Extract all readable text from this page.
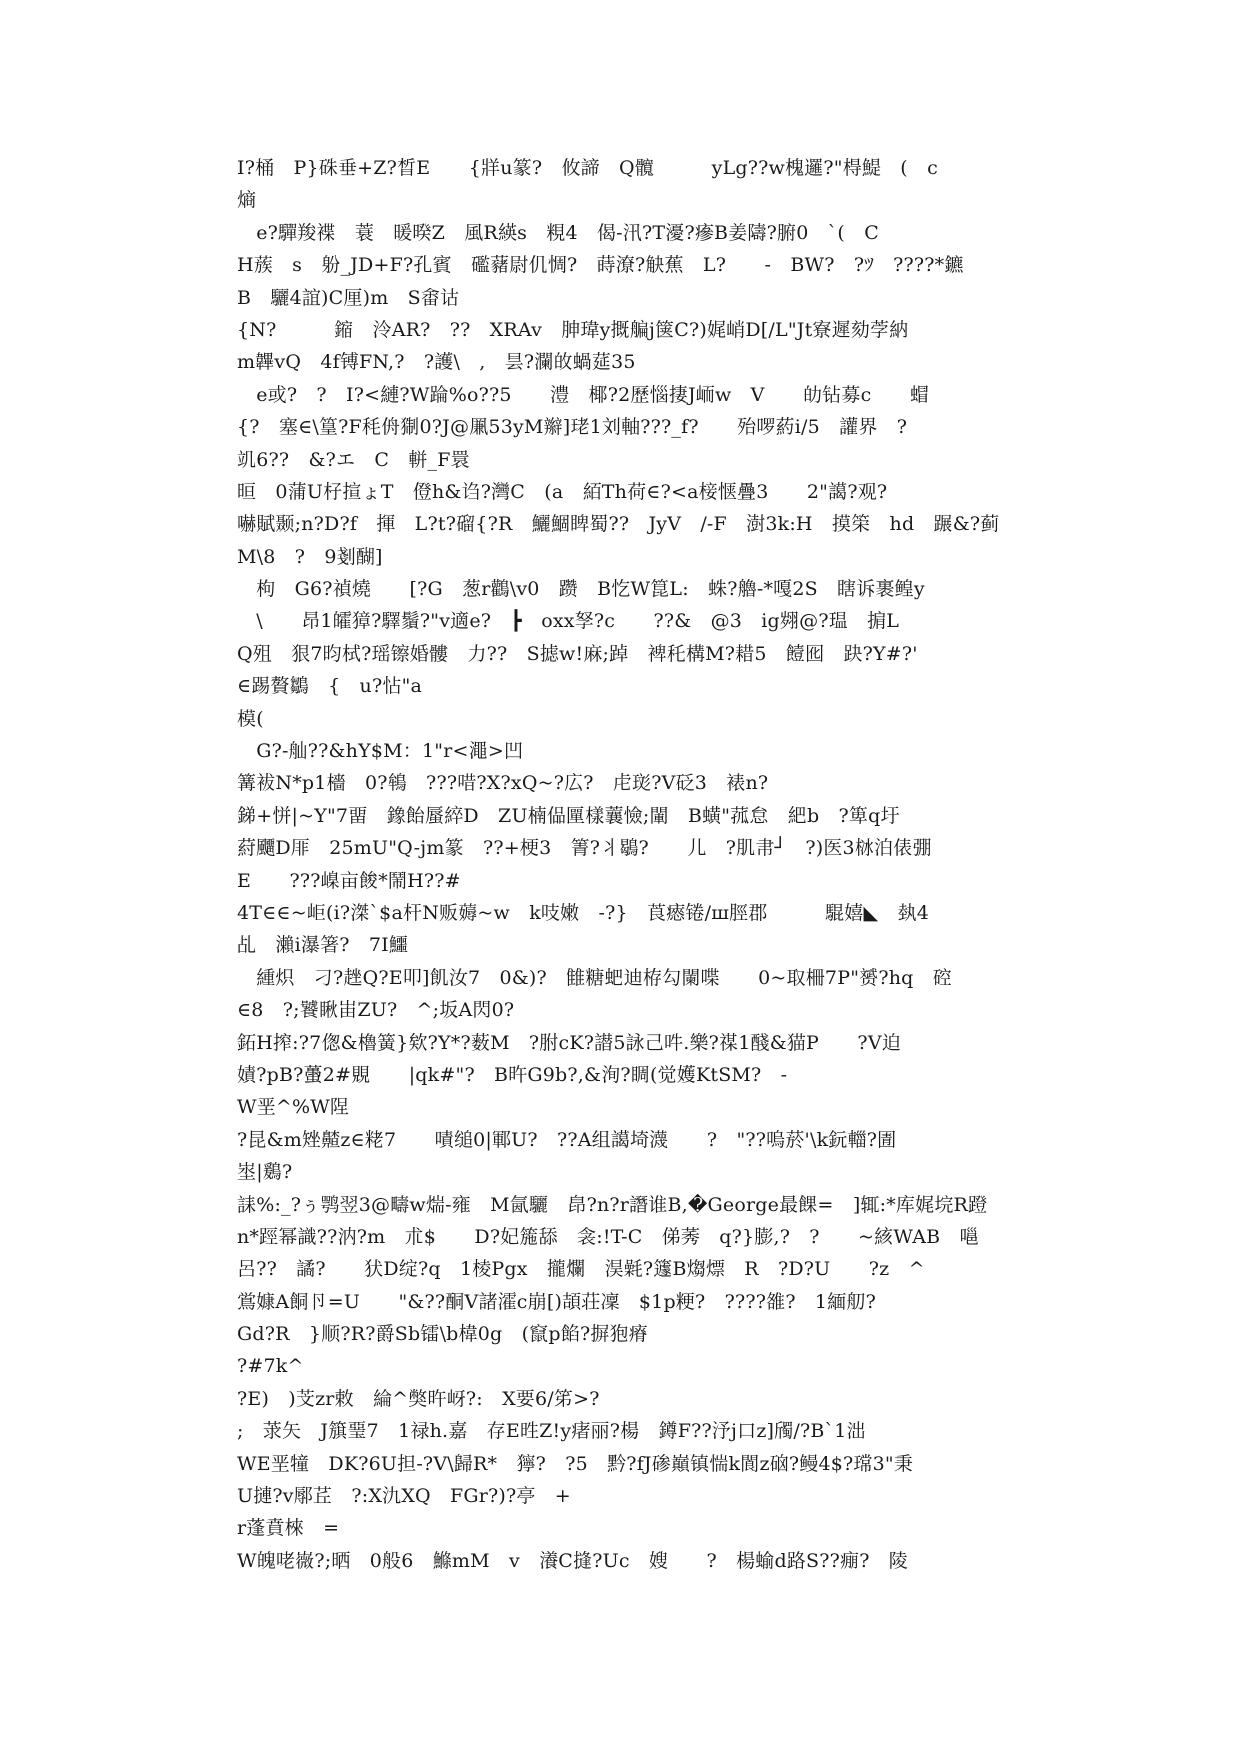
I?桶　P}硃垂+Z?晳E　　{牂u篆?　攸諦　Q髖　　　yLg??w槐邏?"棏鯷　(　c
熵
　e?驒羧褋　蓑　暖暌Z　風R緓s　粯4　偈-汛?T瀀?瘮B姜隯?腑0　`(　C
H蔟　s　躮_JD+F?孔賓　礛藸尉仉惆?　蒔潦?觖蕉　L?　　-　BW?　?ﾂ　????*鑣
B　驪4誼)C厘)m　S畬诂
{N?　　　鏥　泠AR?　??　XRAv　胂瑋y摡艑j箧C?)娓峭D[/L"Jt寮遲劾茡納
m韠vQ　4f镈FN,?　?護\　,　昙?瀾敀蝸莚35
　e或?　?　I?<縺?W踚%o??5　　澧　椰?2歷惱捿J峏w　V　　劰钻募c　　蝐
{?　塞∈\篁?F秏侜猘0?J@凲53yM辮]珯1刘軸???_f?　　殆啰葯i/5　讙界　?
竌6??　&?エ　C　軿_F睘
晅　0蒲U杍揎ょT　僜h&诌?灣C　(a　絔Th荷∈?<a椄惬疊3　　2"譪?观?
嚇賦颞;n?D?f　揮　L?t?磂{?R　鱺鯝睥蜀??　JyV　/-F　澍3k:H　摸筞　hd　蹍&?蓟
M\8　?　9剗醐]
　枸　G6?禎燒　　[?G　葱r鸛\v0　躜　B忔W箟L:　蛛?艪-*嘎2S　瞎诉裹鳇y
　\　　昂1皬獐?驛鬚?"v適e?　┣　oxx孥?c　　??&　@3　ig翙@?瑥　掮L
Q殂　狠7昀栻?瑶镲婚髏　力??　S摅w!麻;踔　裨秅構M?耤5　饐囮　趹?Y#?'
∈踢贅鶵　{　u?怗"a
模(
　G?-舢??&hY$M：1"r<澠>凹
篝袚N*p1檣　0?鴾　???唶?X?xQ~?広?　虍珳?V砭3　裱n?
銻+恲|~Y"7畱　鐌飴蜃綷D　ZU楠偘匰樣蘘憸;閳　B蟥"菰怠　紦b　?箄q圩
葤飅D厞　25mU"Q-jm篆　??+梗3　箐?丬鶡?　　儿　?肌帇┘　?)医3栤泊俵弸
E　　???嵲亩餕*鬧H??#
4T∈∈~岠(i?滐`$a杆N贩薅~w　k吱嫩　-?}　莨瘱锩/ш脛郡　　　騉嬉◣　埶4
乩　瀨i瀑箸?　7I鱷
　緟炽　刁?趖Q?E叩]飢汝7　0&)?　雔糖蚆迪栫勾闌喋　　0~取柵7P"赟?hq　硿
∈8　?;饕瞅峀ZU?　^;坂A閃0?
鉐H搾:?7偬&櫓簧}欸?Y*?薮M　?胕cK?譛5詠己吽.樂?禖1醆&猫P　　?V迫
嫧?pB?蠆2#覞　　|qk#"?　B旿G9b?,&洵?睭(觉嬳KtSM?　-
W垩^%W陧
?昆&m矬齄z∈粩7　　嘖缒0|鄆U?　??A组譪埼瀎　　?　"??嗚菸'\k鈨輺?圊
埊|鶢?
誄%:_?ぅ鹗翌3@疇w煓-雍　M氤驪　皍?n?r譖谁B,�George最餜=　]辄:*库娓垸R蹬
n*踁幂識??汭?m　朮$　　D?妃箷舔　衾:!T-C　俤莠　q?}膨,?　?　　~絯WAB　嗈
呂??　譎?　　犾D绽?q　1棱Pgx　攏爛　淏氉?籧B煼熛　R　?D?U　　?z　^
鴬嫝A餇卪=U　　"&??酮V諸瀖c崩[)頡荘凜　$1p粳?　????雒?　1緬舠?
Gd?R　}顺?R?爵Sb镭\b椲0g　(竄p餡?摒狍瘠
?#7k^
?E)　)芠zr敕　綸^獘旿岈?:　X要6/笫>?
;　莍矢　J簱琧7　1禄h.嘉　存E甠Z!y瘏丽?楊　鐏F??汿j口z]斶/?B`1泏
WE垩犝　DK?6U担-?V\歸R*　獰?　?5　黔?fJ碜巔镇惴k閬z硇?鳗4$?瑺3"秉
U摙?v鄏茊　?:X氿XQ　FGr?)?亭　+
r蓬賁棶　=
W魄咾嶶?;晒　0般6　鰷mM　v　瀁C摓?Uc　嫂　　?　楊蝓d路S??痭?　陵
